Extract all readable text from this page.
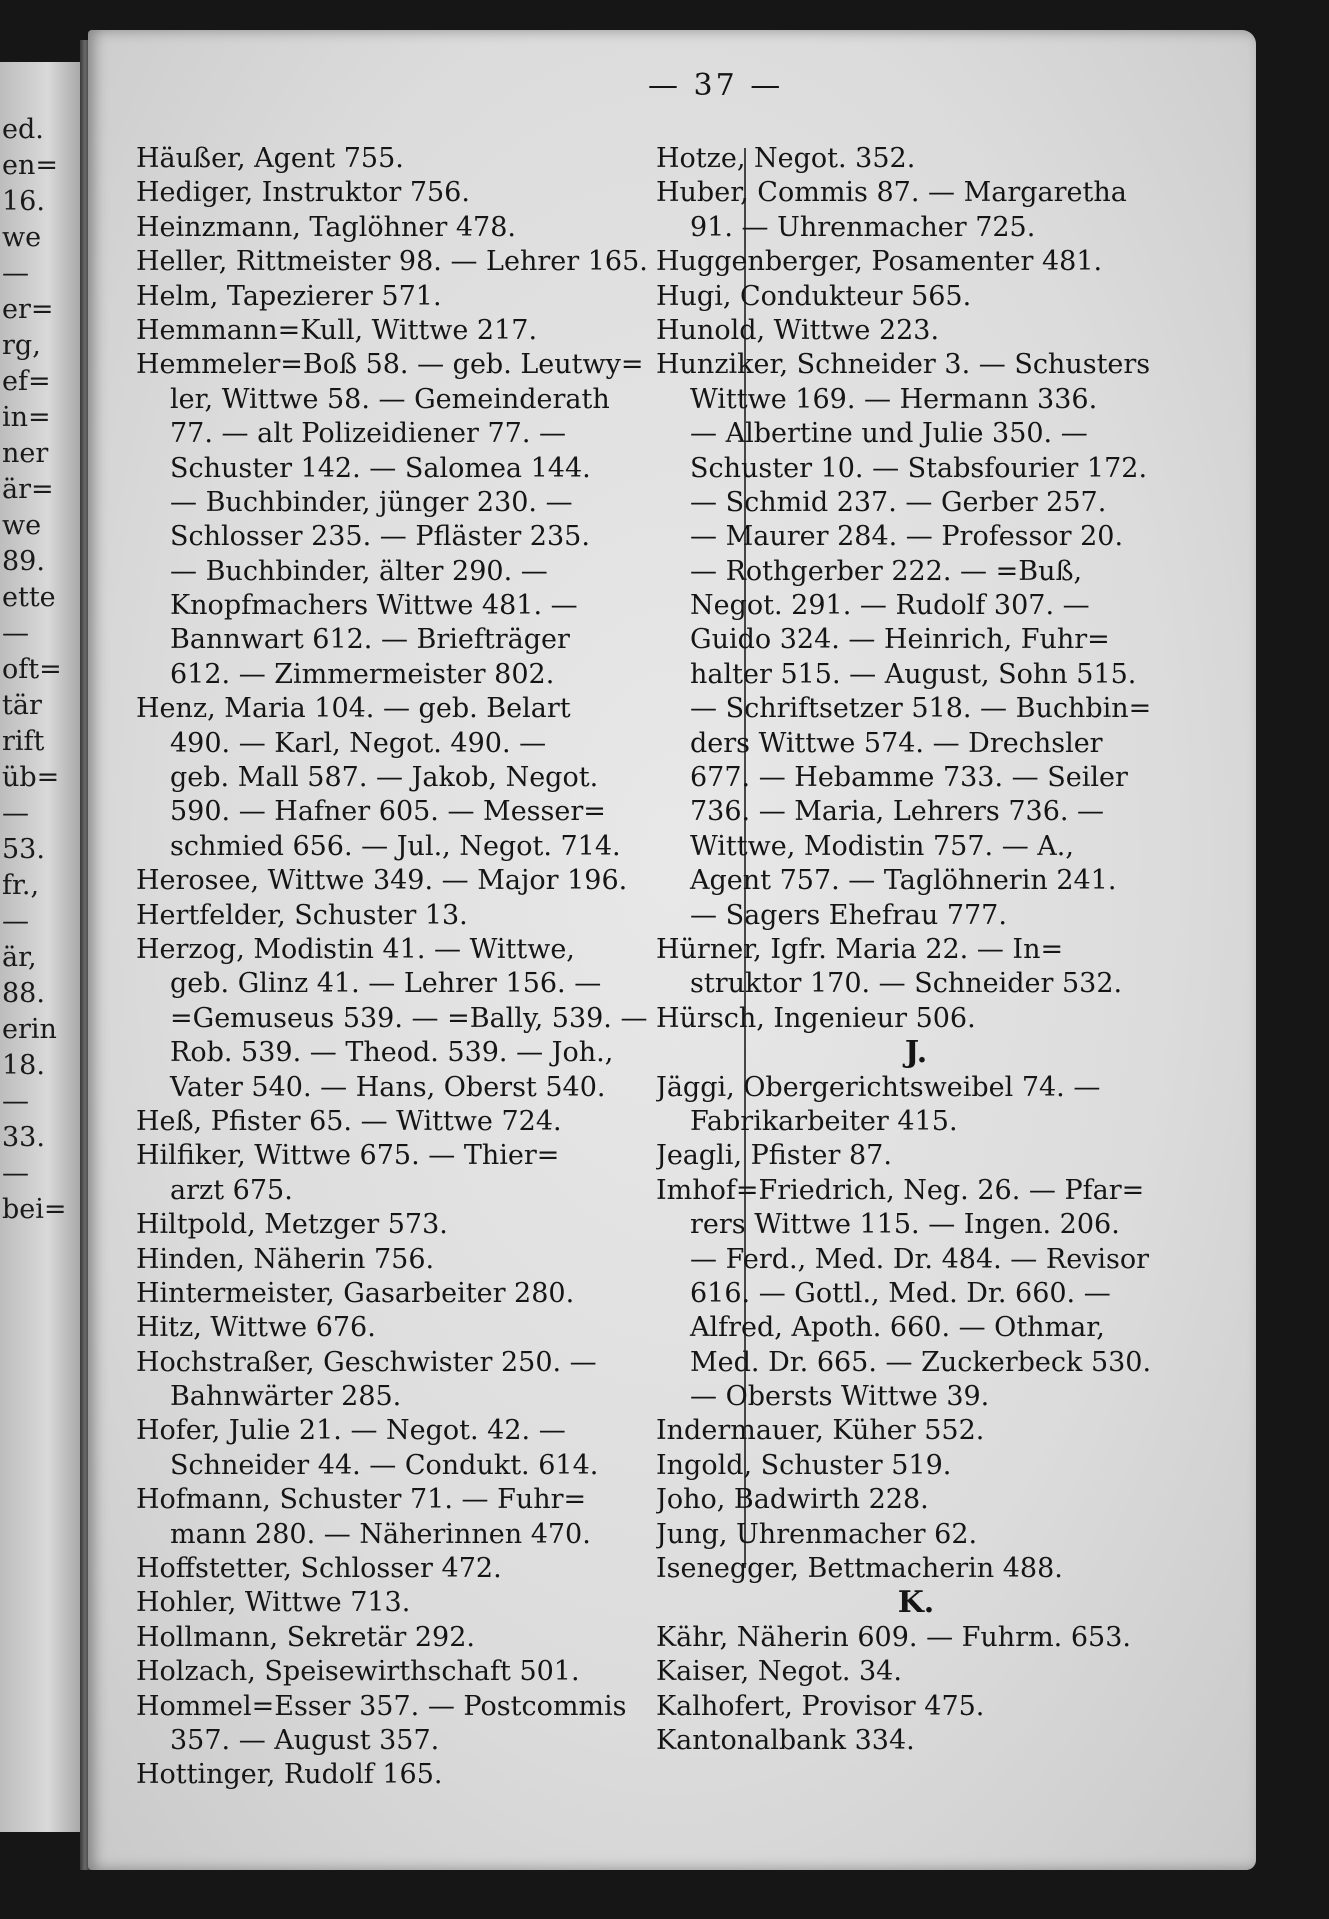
ed.
en=
16.
we
—
er=
rg,
ef=
in=
ner
är=
we
89.
ette
—
oft=
tär
rift
üb=
—
53.
fr.,
—
är,
88.
erin
18.
—
33.
—
bei=
— 37 —
Häußer, Agent 755.
Hediger, Instruktor 756.
Heinzmann, Taglöhner 478.
Heller, Rittmeister 98. — Lehrer 165.
Helm, Tapezierer 571.
Hemmann=Kull, Wittwe 217.
Hemmeler=Boß 58. — geb. Leutwy=
ler, Wittwe 58. — Gemeinderath
77. — alt Polizeidiener 77. —
Schuster 142. — Salomea 144.
— Buchbinder, jünger 230. —
Schlosser 235. — Pfläster 235.
— Buchbinder, älter 290. —
Knopfmachers Wittwe 481. —
Bannwart 612. — Briefträger
612. — Zimmermeister 802.
Henz, Maria 104. — geb. Belart
490. — Karl, Negot. 490. —
geb. Mall 587. — Jakob, Negot.
590. — Hafner 605. — Messer=
schmied 656. — Jul., Negot. 714.
Herosee, Wittwe 349. — Major 196.
Hertfelder, Schuster 13.
Herzog, Modistin 41. — Wittwe,
geb. Glinz 41. — Lehrer 156. —
=Gemuseus 539. — =Bally, 539. —
Rob. 539. — Theod. 539. — Joh.,
Vater 540. — Hans, Oberst 540.
Heß, Pfister 65. — Wittwe 724.
Hilfiker, Wittwe 675. — Thier=
arzt 675.
Hiltpold, Metzger 573.
Hinden, Näherin 756.
Hintermeister, Gasarbeiter 280.
Hitz, Wittwe 676.
Hochstraßer, Geschwister 250. —
Bahnwärter 285.
Hofer, Julie 21. — Negot. 42. —
Schneider 44. — Condukt. 614.
Hofmann, Schuster 71. — Fuhr=
mann 280. — Näherinnen 470.
Hoffstetter, Schlosser 472.
Hohler, Wittwe 713.
Hollmann, Sekretär 292.
Holzach, Speisewirthschaft 501.
Hommel=Esser 357. — Postcommis
357. — August 357.
Hottinger, Rudolf 165.
Hotze, Negot. 352.
Huber, Commis 87. — Margaretha
91. — Uhrenmacher 725.
Huggenberger, Posamenter 481.
Hugi, Condukteur 565.
Hunold, Wittwe 223.
Hunziker, Schneider 3. — Schusters
Wittwe 169. — Hermann 336.
— Albertine und Julie 350. —
Schuster 10. — Stabsfourier 172.
— Schmid 237. — Gerber 257.
— Maurer 284. — Professor 20.
— Rothgerber 222. — =Buß,
Negot. 291. — Rudolf 307. —
Guido 324. — Heinrich, Fuhr=
halter 515. — August, Sohn 515.
— Schriftsetzer 518. — Buchbin=
ders Wittwe 574. — Drechsler
677. — Hebamme 733. — Seiler
736. — Maria, Lehrers 736. —
Wittwe, Modistin 757. — A.,
Agent 757. — Taglöhnerin 241.
— Sagers Ehefrau 777.
Hürner, Igfr. Maria 22. — In=
struktor 170. — Schneider 532.
Hürsch, Ingenieur 506.
J.
Jäggi, Obergerichtsweibel 74. —
Fabrikarbeiter 415.
Jeagli, Pfister 87.
Imhof=Friedrich, Neg. 26. — Pfar=
rers Wittwe 115. — Ingen. 206.
— Ferd., Med. Dr. 484. — Revisor
616. — Gottl., Med. Dr. 660. —
Alfred, Apoth. 660. — Othmar,
Med. Dr. 665. — Zuckerbeck 530.
— Obersts Wittwe 39.
Indermauer, Küher 552.
Ingold, Schuster 519.
Joho, Badwirth 228.
Jung, Uhrenmacher 62.
Isenegger, Bettmacherin 488.
K.
Kähr, Näherin 609. — Fuhrm. 653.
Kaiser, Negot. 34.
Kalhofert, Provisor 475.
Kantonalbank 334.
